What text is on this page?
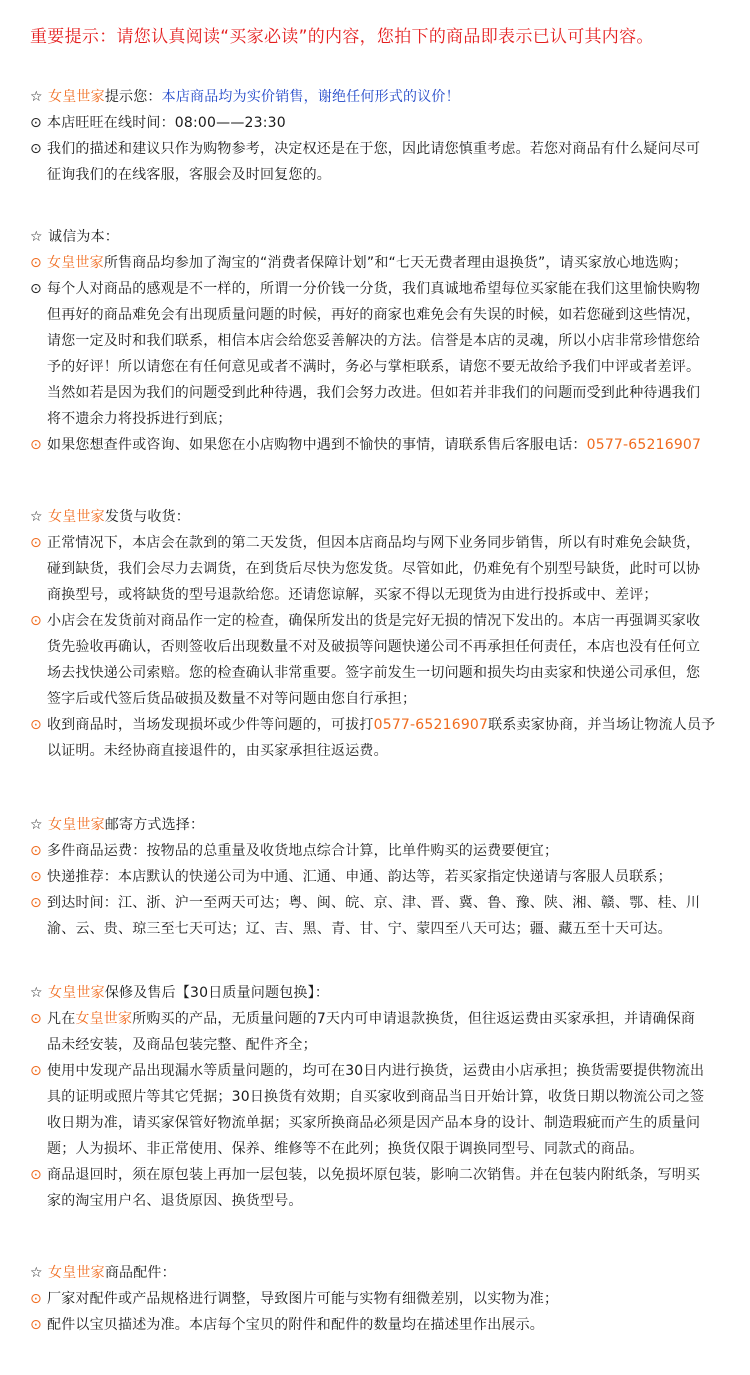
重要提示：请您认真阅读“买家必读”的内容，您拍下的商品即表示已认可其内容。
☆ 女皇世家提示您：本店商品均为实价销售，谢绝任何形式的议价！
⊙ 本店旺旺在线时间：08:00——23:30
⊙ 我们的描述和建议只作为购物参考，决定权还是在于您，因此请您慎重考虑。若您对商品有什么疑问尽可
征询我们的在线客服，客服会及时回复您的。
☆ 诚信为本：
⊙ 女皇世家所售商品均参加了淘宝的“消费者保障计划”和“七天无费者理由退换货”，请买家放心地选购；
⊙ 每个人对商品的感观是不一样的，所谓一分价钱一分货，我们真诚地希望每位买家能在我们这里愉快购物
但再好的商品难免会有出现质量问题的时候，再好的商家也难免会有失误的时候，如若您碰到这些情况，
请您一定及时和我们联系，相信本店会给您妥善解决的方法。信誉是本店的灵魂，所以小店非常珍惜您给
予的好评！所以请您在有任何意见或者不满时，务必与掌柜联系，请您不要无故给予我们中评或者差评。
当然如若是因为我们的问题受到此种待遇，我们会努力改进。但如若并非我们的问题而受到此种待遇我们
将不遗余力将投拆进行到底；
⊙ 如果您想查件或咨询、如果您在小店购物中遇到不愉快的事情，请联系售后客服电话：0577-65216907
☆ 女皇世家发货与收货：
⊙ 正常情况下，本店会在款到的第二天发货，但因本店商品均与网下业务同步销售，所以有时难免会缺货，
碰到缺货，我们会尽力去调货，在到货后尽快为您发货。尽管如此，仍难免有个别型号缺货，此时可以协
商换型号，或将缺货的型号退款给您。还请您谅解，买家不得以无现货为由进行投拆或中、差评；
⊙ 小店会在发货前对商品作一定的检查，确保所发出的货是完好无损的情况下发出的。本店一再强调买家收
货先验收再确认，否则签收后出现数量不对及破损等问题快递公司不再承担任何责任，本店也没有任何立
场去找快递公司索赔。您的检查确认非常重要。签字前发生一切问题和损失均由卖家和快递公司承但，您
签字后或代签后货品破损及数量不对等问题由您自行承担；
⊙ 收到商品时，当场发现损坏或少件等问题的，可拔打0577-65216907联系卖家协商，并当场让物流人员予
以证明。未经协商直接退件的，由买家承担往返运费。
☆ 女皇世家邮寄方式选择：
⊙ 多件商品运费：按物品的总重量及收货地点综合计算，比单件购买的运费要便宜；
⊙ 快递推荐：本店默认的快递公司为中通、汇通、申通、韵达等，若买家指定快递请与客服人员联系；
⊙ 到达时间：江、浙、沪一至两天可达；粤、闽、皖、京、津、晋、冀、鲁、豫、陕、湘、赣、鄂、桂、川
渝、云、贵、琼三至七天可达；辽、吉、黑、青、甘、宁、蒙四至八天可达；疆、藏五至十天可达。
☆ 女皇世家保修及售后【30日质量问题包换】：
⊙ 凡在女皇世家所购买的产品，无质量问题的7天内可申请退款换货，但往返运费由买家承担，并请确保商
品未经安装，及商品包装完整、配件齐全；
⊙ 使用中发现产品出现漏水等质量问题的，均可在30日内进行换货，运费由小店承担；换货需要提供物流出
具的证明或照片等其它凭据；30日换货有效期；自买家收到商品当日开始计算，收货日期以物流公司之签
收日期为准，请买家保管好物流单据；买家所换商品必须是因产品本身的设计、制造瑕疵而产生的质量问
题；人为损坏、非正常使用、保养、维修等不在此列；换货仅限于调换同型号、同款式的商品。
⊙ 商品退回时，须在原包装上再加一层包装，以免损坏原包装，影响二次销售。并在包装内附纸条，写明买
家的淘宝用户名、退货原因、换货型号。
☆ 女皇世家商品配件：
⊙ 厂家对配件或产品规格进行调整，导致图片可能与实物有细微差别，以实物为准；
⊙ 配件以宝贝描述为准。本店每个宝贝的附件和配件的数量均在描述里作出展示。
